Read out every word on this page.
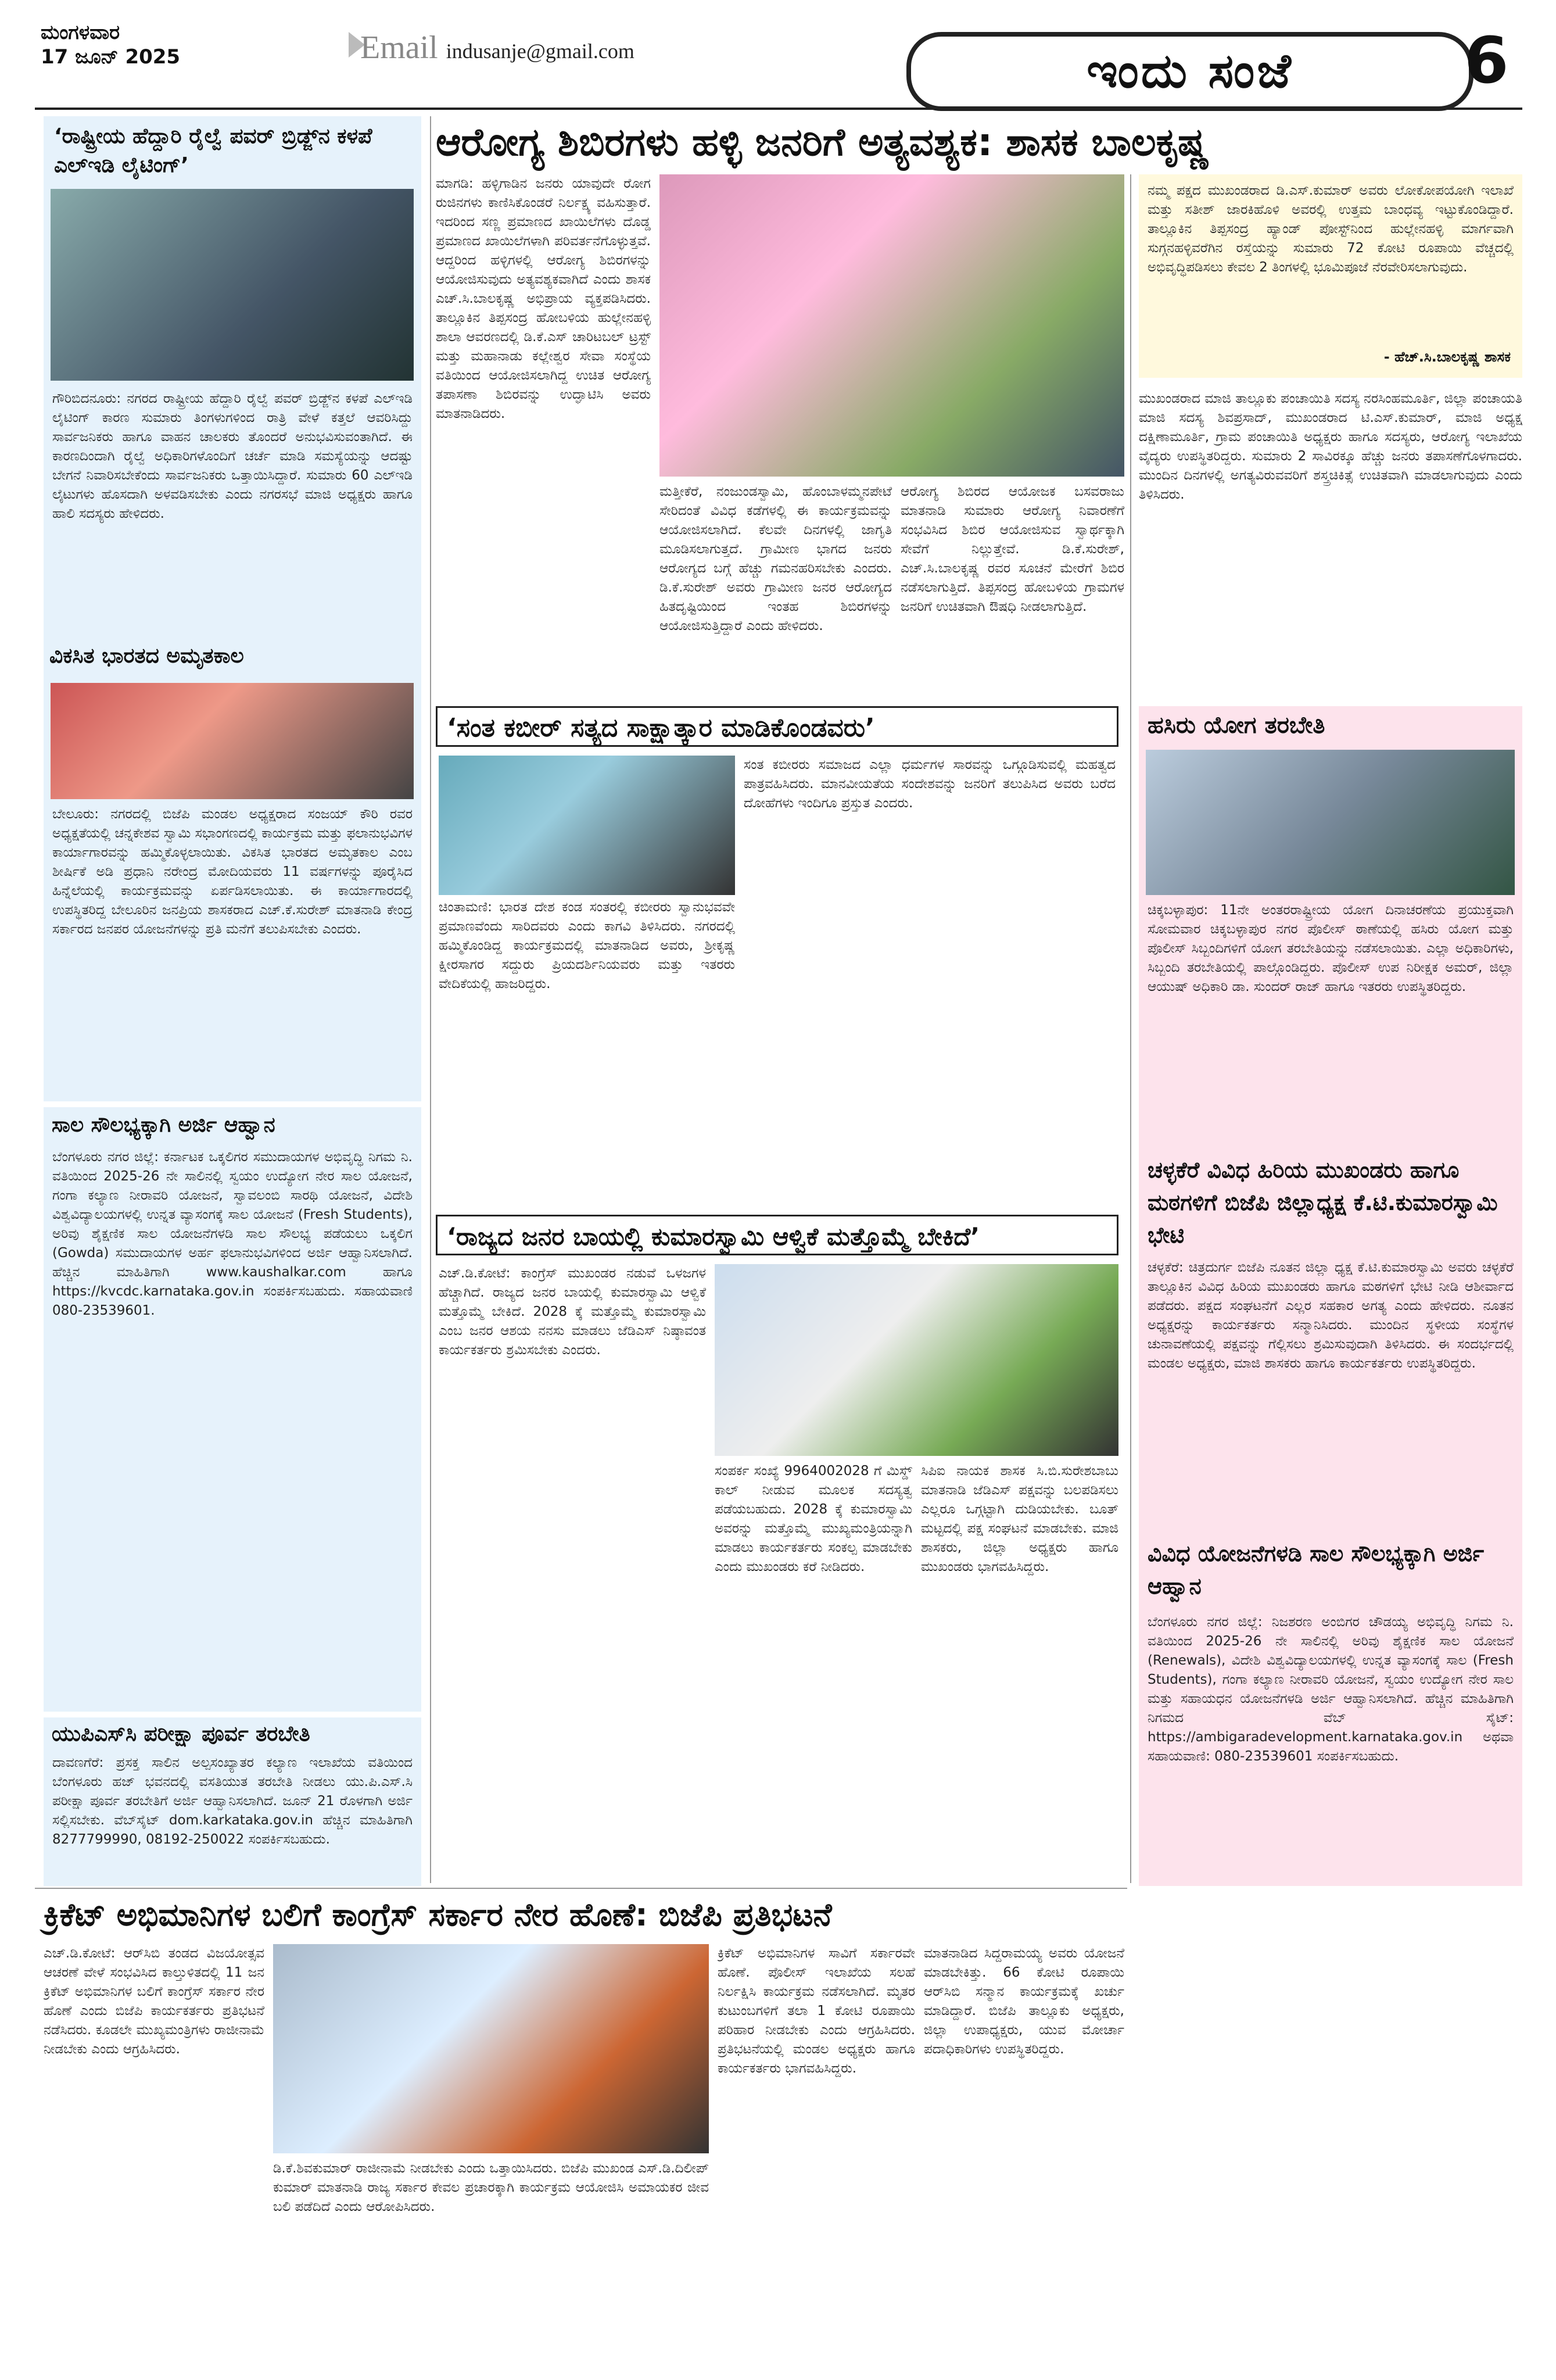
ಮಂಗಳವಾರ
17 ಜೂನ್ 2025	Email indusanje@gmail.com	ಇಂದು ಸಂಜೆ	6
‘ರಾಷ್ಟ್ರೀಯ ಹೆದ್ದಾರಿ ರೈಲ್ವೆ ಪವರ್ ಬ್ರಿಡ್ಜ್‌ನ ಕಳಪೆ ಎಲ್‌ಇಡಿ ಲೈಟಿಂಗ್’
ಗೌರಿಬಿದನೂರು: ನಗರದ ರಾಷ್ಟ್ರೀಯ ಹೆದ್ದಾರಿ ರೈಲ್ವೆ ಪವರ್ ಬ್ರಿಡ್ಜ್‌ನ ಕಳಪೆ ಎಲ್‌ಇಡಿ ಲೈಟಿಂಗ್ ಕಾರಣ ಸುಮಾರು ತಿಂಗಳುಗಳಿಂದ ರಾತ್ರಿ ವೇಳೆ ಕತ್ತಲೆ ಆವರಿಸಿದ್ದು ಸಾರ್ವಜನಿಕರು ಹಾಗೂ ವಾಹನ ಚಾಲಕರು ತೊಂದರೆ ಅನುಭವಿಸುವಂತಾಗಿದೆ. ಈ ಕಾರಣದಿಂದಾಗಿ ರೈಲ್ವೆ ಅಧಿಕಾರಿಗಳೊಂದಿಗೆ ಚರ್ಚೆ ಮಾಡಿ ಸಮಸ್ಯೆಯನ್ನು ಆದಷ್ಟು ಬೇಗನೆ ನಿವಾರಿಸಬೇಕೆಂದು ಸಾರ್ವಜನಿಕರು ಒತ್ತಾಯಿಸಿದ್ದಾರೆ. ಸುಮಾರು 60 ಎಲ್‌ಇಡಿ ಲೈಟುಗಳು ಹೊಸದಾಗಿ ಅಳವಡಿಸಬೇಕು ಎಂದು ನಗರಸಭೆ ಮಾಜಿ ಅಧ್ಯಕ್ಷರು ಹಾಗೂ ಹಾಲಿ ಸದಸ್ಯರು ಹೇಳಿದರು.
ವಿಕಸಿತ ಭಾರತದ ಅಮೃತಕಾಲ
ಬೇಲೂರು: ನಗರದಲ್ಲಿ ಬಿಜೆಪಿ ಮಂಡಲ ಅಧ್ಯಕ್ಷರಾದ ಸಂಜಯ್ ಕೌರಿ ರವರ ಅಧ್ಯಕ್ಷತೆಯಲ್ಲಿ ಚನ್ನಕೇಶವ ಸ್ವಾಮಿ ಸಭಾಂಗಣದಲ್ಲಿ ಕಾರ್ಯಕ್ರಮ ಮತ್ತು ಫಲಾನುಭವಿಗಳ ಕಾರ್ಯಾಗಾರವನ್ನು ಹಮ್ಮಿಕೊಳ್ಳಲಾಯಿತು. ವಿಕಸಿತ ಭಾರತದ ಅಮೃತಕಾಲ ಎಂಬ ಶೀರ್ಷಿಕೆ ಅಡಿ ಪ್ರಧಾನಿ ನರೇಂದ್ರ ಮೋದಿಯವರು 11 ವರ್ಷಗಳನ್ನು ಪೂರೈಸಿದ ಹಿನ್ನೆಲೆಯಲ್ಲಿ ಕಾರ್ಯಕ್ರಮವನ್ನು ಏರ್ಪಡಿಸಲಾಯಿತು. ಈ ಕಾರ್ಯಾಗಾರದಲ್ಲಿ ಉಪಸ್ಥಿತರಿದ್ದ ಬೇಲೂರಿನ ಜನಪ್ರಿಯ ಶಾಸಕರಾದ ಎಚ್.ಕೆ.ಸುರೇಶ್ ಮಾತನಾಡಿ ಕೇಂದ್ರ ಸರ್ಕಾರದ ಜನಪರ ಯೋಜನೆಗಳನ್ನು ಪ್ರತಿ ಮನೆಗೆ ತಲುಪಿಸಬೇಕು ಎಂದರು.
ಸಾಲ ಸೌಲಭ್ಯಕ್ಕಾಗಿ ಅರ್ಜಿ ಆಹ್ವಾನ
ಬೆಂಗಳೂರು ನಗರ ಜಿಲ್ಲೆ: ಕರ್ನಾಟಕ ಒಕ್ಕಲಿಗರ ಸಮುದಾಯಗಳ ಅಭಿವೃದ್ಧಿ ನಿಗಮ ನಿ. ವತಿಯಿಂದ 2025-26 ನೇ ಸಾಲಿನಲ್ಲಿ ಸ್ವಯಂ ಉದ್ಯೋಗ ನೇರ ಸಾಲ ಯೋಜನೆ, ಗಂಗಾ ಕಲ್ಯಾಣ ನೀರಾವರಿ ಯೋಜನೆ, ಸ್ವಾವಲಂಬಿ ಸಾರಥಿ ಯೋಜನೆ, ವಿದೇಶಿ ವಿಶ್ವವಿದ್ಯಾಲಯಗಳಲ್ಲಿ ಉನ್ನತ ವ್ಯಾಸಂಗಕ್ಕೆ ಸಾಲ ಯೋಜನೆ (Fresh Students), ಅರಿವು ಶೈಕ್ಷಣಿಕ ಸಾಲ ಯೋಜನೆಗಳಡಿ ಸಾಲ ಸೌಲಭ್ಯ ಪಡೆಯಲು ಒಕ್ಕಲಿಗ (Gowda) ಸಮುದಾಯಗಳ ಅರ್ಹ ಫಲಾನುಭವಿಗಳಿಂದ ಅರ್ಜಿ ಆಹ್ವಾನಿಸಲಾಗಿದೆ. ಹೆಚ್ಚಿನ ಮಾಹಿತಿಗಾಗಿ www.kaushalkar.com ಹಾಗೂ https://kvcdc.karnataka.gov.in ಸಂಪರ್ಕಿಸಬಹುದು. ಸಹಾಯವಾಣಿ 080-23539601.
ಯುಪಿಎಸ್‌ಸಿ ಪರೀಕ್ಷಾ ಪೂರ್ವ ತರಬೇತಿ
ದಾವಣಗೆರೆ: ಪ್ರಸಕ್ತ ಸಾಲಿನ ಅಲ್ಪಸಂಖ್ಯಾತರ ಕಲ್ಯಾಣ ಇಲಾಖೆಯ ವತಿಯಿಂದ ಬೆಂಗಳೂರು ಹಜ್ ಭವನದಲ್ಲಿ ವಸತಿಯುತ ತರಬೇತಿ ನೀಡಲು ಯು.ಪಿ.ಎಸ್.ಸಿ ಪರೀಕ್ಷಾ ಪೂರ್ವ ತರಬೇತಿಗೆ ಅರ್ಜಿ ಆಹ್ವಾನಿಸಲಾಗಿದೆ. ಜೂನ್ 21 ರೊಳಗಾಗಿ ಅರ್ಜಿ ಸಲ್ಲಿಸಬೇಕು. ವೆಬ್‌ಸೈಟ್ dom.karkataka.gov.in ಹೆಚ್ಚಿನ ಮಾಹಿತಿಗಾಗಿ 8277799990, 08192-250022 ಸಂಪರ್ಕಿಸಬಹುದು.
ಆರೋಗ್ಯ ಶಿಬಿರಗಳು ಹಳ್ಳಿ ಜನರಿಗೆ ಅತ್ಯವಶ್ಯಕ: ಶಾಸಕ ಬಾಲಕೃಷ್ಣ
ಮಾಗಡಿ: ಹಳ್ಳಿಗಾಡಿನ ಜನರು ಯಾವುದೇ ರೋಗ ರುಜಿನಗಳು ಕಾಣಿಸಿಕೊಂಡರೆ ನಿರ್ಲಕ್ಷ್ಯ ವಹಿಸುತ್ತಾರೆ. ಇದರಿಂದ ಸಣ್ಣ ಪ್ರಮಾಣದ ಖಾಯಿಲೆಗಳು ದೊಡ್ಡ ಪ್ರಮಾಣದ ಖಾಯಿಲೆಗಳಾಗಿ ಪರಿವರ್ತನೆಗೊಳ್ಳುತ್ತವೆ. ಆದ್ದರಿಂದ ಹಳ್ಳಿಗಳಲ್ಲಿ ಆರೋಗ್ಯ ಶಿಬಿರಗಳನ್ನು ಆಯೋಜಿಸುವುದು ಅತ್ಯವಶ್ಯಕವಾಗಿದೆ ಎಂದು ಶಾಸಕ ಎಚ್.ಸಿ.ಬಾಲಕೃಷ್ಣ ಅಭಿಪ್ರಾಯ ವ್ಯಕ್ತಪಡಿಸಿದರು. ತಾಲ್ಲೂಕಿನ ತಿಪ್ಪಸಂದ್ರ ಹೋಬಳಿಯ ಹುಲ್ಲೇನಹಳ್ಳಿ ಶಾಲಾ ಆವರಣದಲ್ಲಿ ಡಿ.ಕೆ.ಎಸ್ ಚಾರಿಟಬಲ್ ಟ್ರಸ್ಟ್ ಮತ್ತು ಮಹಾನಾಡು ಕಲ್ಲೇಶ್ವರ ಸೇವಾ ಸಂಸ್ಥೆಯ ವತಿಯಿಂದ ಆಯೋಜಿಸಲಾಗಿದ್ದ ಉಚಿತ ಆರೋಗ್ಯ ತಪಾಸಣಾ ಶಿಬಿರವನ್ನು ಉದ್ಘಾಟಿಸಿ ಅವರು ಮಾತನಾಡಿದರು.
ಮತ್ತೀಕೆರೆ, ನಂಜುಂಡಸ್ವಾಮಿ, ಹೊಂಬಾಳಮ್ಮನಪೇಟೆ ಸೇರಿದಂತೆ ವಿವಿಧ ಕಡೆಗಳಲ್ಲಿ ಈ ಕಾರ್ಯಕ್ರಮವನ್ನು ಆಯೋಜಿಸಲಾಗಿದೆ. ಕೆಲವೇ ದಿನಗಳಲ್ಲಿ ಜಾಗೃತಿ ಮೂಡಿಸಲಾಗುತ್ತದೆ. ಗ್ರಾಮೀಣ ಭಾಗದ ಜನರು ಆರೋಗ್ಯದ ಬಗ್ಗೆ ಹೆಚ್ಚು ಗಮನಹರಿಸಬೇಕು ಎಂದರು. ಡಿ.ಕೆ.ಸುರೇಶ್ ಅವರು ಗ್ರಾಮೀಣ ಜನರ ಆರೋಗ್ಯದ ಹಿತದೃಷ್ಟಿಯಿಂದ ಇಂತಹ ಶಿಬಿರಗಳನ್ನು ಆಯೋಜಿಸುತ್ತಿದ್ದಾರೆ ಎಂದು ಹೇಳಿದರು.
ಆರೋಗ್ಯ ಶಿಬಿರದ ಆಯೋಜಕ ಬಸವರಾಜು ಮಾತನಾಡಿ ಸುಮಾರು ಆರೋಗ್ಯ ನಿವಾರಣೆಗೆ ಸಂಭವಿಸಿದ ಶಿಬಿರ ಆಯೋಜಿಸುವ ಸ್ವಾರ್ಥಕ್ಕಾಗಿ ಸೇವೆಗೆ ನಿಲ್ಲುತ್ತೇವೆ. ಡಿ.ಕೆ.ಸುರೇಶ್, ಎಚ್.ಸಿ.ಬಾಲಕೃಷ್ಣ ರವರ ಸೂಚನೆ ಮೇರೆಗೆ ಶಿಬಿರ ನಡೆಸಲಾಗುತ್ತಿದೆ. ತಿಪ್ಪಸಂದ್ರ ಹೋಬಳಿಯ ಗ್ರಾಮಗಳ ಜನರಿಗೆ ಉಚಿತವಾಗಿ ಔಷಧಿ ನೀಡಲಾಗುತ್ತಿದೆ.
ನಮ್ಮ ಪಕ್ಷದ ಮುಖಂಡರಾದ ಡಿ.ಎಸ್.ಕುಮಾರ್ ಅವರು ಲೋಕೋಪಯೋಗಿ ಇಲಾಖೆ ಮತ್ತು ಸತೀಶ್ ಜಾರಕಿಹೊಳಿ ಅವರಲ್ಲಿ ಉತ್ತಮ ಬಾಂಧವ್ಯ ಇಟ್ಟುಕೊಂಡಿದ್ದಾರೆ. ತಾಲ್ಲೂಕಿನ ತಿಪ್ಪಸಂದ್ರ ಹ್ಯಾಂಡ್ ಪೋಸ್ಟ್‌ನಿಂದ ಹುಲ್ಲೇನಹಳ್ಳಿ ಮಾರ್ಗವಾಗಿ ಸುಗ್ಗನಹಳ್ಳಿವರೆಗಿನ ರಸ್ತೆಯನ್ನು ಸುಮಾರು 72 ಕೋಟಿ ರೂಪಾಯಿ ವೆಚ್ಚದಲ್ಲಿ ಅಭಿವೃದ್ಧಿಪಡಿಸಲು ಕೇವಲ 2 ತಿಂಗಳಲ್ಲಿ ಭೂಮಿಪೂಜೆ ನೆರವೇರಿಸಲಾಗುವುದು.
- ಹೆಚ್.ಸಿ.ಬಾಲಕೃಷ್ಣ ಶಾಸಕ
ಮುಖಂಡರಾದ ಮಾಜಿ ತಾಲ್ಲೂಕು ಪಂಚಾಯಿತಿ ಸದಸ್ಯ ನರಸಿಂಹಮೂರ್ತಿ, ಜಿಲ್ಲಾ ಪಂಚಾಯತಿ ಮಾಜಿ ಸದಸ್ಯ ಶಿವಪ್ರಸಾದ್, ಮುಖಂಡರಾದ ಟಿ.ಎಸ್.ಕುಮಾರ್, ಮಾಜಿ ಅಧ್ಯಕ್ಷ ದಕ್ಷಿಣಾಮೂರ್ತಿ, ಗ್ರಾಮ ಪಂಚಾಯಿತಿ ಅಧ್ಯಕ್ಷರು ಹಾಗೂ ಸದಸ್ಯರು, ಆರೋಗ್ಯ ಇಲಾಖೆಯ ವೈದ್ಯರು ಉಪಸ್ಥಿತರಿದ್ದರು. ಸುಮಾರು 2 ಸಾವಿರಕ್ಕೂ ಹೆಚ್ಚು ಜನರು ತಪಾಸಣೆಗೊಳಗಾದರು. ಮುಂದಿನ ದಿನಗಳಲ್ಲಿ ಅಗತ್ಯವಿರುವವರಿಗೆ ಶಸ್ತ್ರಚಿಕಿತ್ಸೆ ಉಚಿತವಾಗಿ ಮಾಡಲಾಗುವುದು ಎಂದು ತಿಳಿಸಿದರು.
‘ಸಂತ ಕಬೀರ್ ಸತ್ಯದ ಸಾಕ್ಷಾತ್ಕಾರ ಮಾಡಿಕೊಂಡವರು’
ಚಿಂತಾಮಣಿ: ಭಾರತ ದೇಶ ಕಂಡ ಸಂತರಲ್ಲಿ ಕಬೀರರು ಸ್ವಾನುಭವವೇ ಪ್ರಮಾಣವೆಂದು ಸಾರಿದವರು ಎಂದು ಕಾಗವಿ ತಿಳಿಸಿದರು. ನಗರದಲ್ಲಿ ಹಮ್ಮಿಕೊಂಡಿದ್ದ ಕಾರ್ಯಕ್ರಮದಲ್ಲಿ ಮಾತನಾಡಿದ ಅವರು, ಶ್ರೀಕೃಷ್ಣ ಕ್ಷೀರಸಾಗರ ಸದ್ದುರು ಪ್ರಿಯದರ್ಶಿನಿಯವರು ಮತ್ತು ಇತರರು ವೇದಿಕೆಯಲ್ಲಿ ಹಾಜರಿದ್ದರು.
ಸಂತ ಕಬೀರರು ಸಮಾಜದ ಎಲ್ಲಾ ಧರ್ಮಗಳ ಸಾರವನ್ನು ಒಗ್ಗೂಡಿಸುವಲ್ಲಿ ಮಹತ್ವದ ಪಾತ್ರವಹಿಸಿದರು. ಮಾನವೀಯತೆಯ ಸಂದೇಶವನ್ನು ಜನರಿಗೆ ತಲುಪಿಸಿದ ಅವರು ಬರೆದ ದೋಹೆಗಳು ಇಂದಿಗೂ ಪ್ರಸ್ತುತ ಎಂದರು.
‘ರಾಜ್ಯದ ಜನರ ಬಾಯಲ್ಲಿ ಕುಮಾರಸ್ವಾಮಿ ಆಳ್ವಿಕೆ ಮತ್ತೊಮ್ಮೆ ಬೇಕಿದೆ’
ಎಚ್.ಡಿ.ಕೋಟೆ: ಕಾಂಗ್ರೆಸ್ ಮುಖಂಡರ ನಡುವೆ ಒಳಜಗಳ ಹೆಚ್ಚಾಗಿದೆ. ರಾಜ್ಯದ ಜನರ ಬಾಯಲ್ಲಿ ಕುಮಾರಸ್ವಾಮಿ ಆಳ್ವಿಕೆ ಮತ್ತೊಮ್ಮೆ ಬೇಕಿದೆ. 2028 ಕ್ಕೆ ಮತ್ತೊಮ್ಮೆ ಕುಮಾರಸ್ವಾಮಿ ಎಂಬ ಜನರ ಆಶಯ ನನಸು ಮಾಡಲು ಜೆಡಿಎಸ್ ನಿಷ್ಠಾವಂತ ಕಾರ್ಯಕರ್ತರು ಶ್ರಮಿಸಬೇಕು ಎಂದರು.
ಸಂಪರ್ಕ ಸಂಖ್ಯೆ 9964002028 ಗೆ ಮಿಸ್ಡ್ ಕಾಲ್ ನೀಡುವ ಮೂಲಕ ಸದಸ್ಯತ್ವ ಪಡೆಯಬಹುದು. 2028 ಕ್ಕೆ ಕುಮಾರಸ್ವಾಮಿ ಅವರನ್ನು ಮತ್ತೊಮ್ಮೆ ಮುಖ್ಯಮಂತ್ರಿಯನ್ನಾಗಿ ಮಾಡಲು ಕಾರ್ಯಕರ್ತರು ಸಂಕಲ್ಪ ಮಾಡಬೇಕು ಎಂದು ಮುಖಂಡರು ಕರೆ ನೀಡಿದರು.
ಸಿಪಿಐ ನಾಯಕ ಶಾಸಕ ಸಿ.ಬಿ.ಸುರೇಶಬಾಬು ಮಾತನಾಡಿ ಜೆಡಿಎಸ್ ಪಕ್ಷವನ್ನು ಬಲಪಡಿಸಲು ಎಲ್ಲರೂ ಒಗ್ಗಟ್ಟಾಗಿ ದುಡಿಯಬೇಕು. ಬೂತ್ ಮಟ್ಟದಲ್ಲಿ ಪಕ್ಷ ಸಂಘಟನೆ ಮಾಡಬೇಕು. ಮಾಜಿ ಶಾಸಕರು, ಜಿಲ್ಲಾ ಅಧ್ಯಕ್ಷರು ಹಾಗೂ ಮುಖಂಡರು ಭಾಗವಹಿಸಿದ್ದರು.
ಹಸಿರು ಯೋಗ ತರಬೇತಿ
ಚಿಕ್ಕಬಳ್ಳಾಪುರ: 11ನೇ ಅಂತರರಾಷ್ಟ್ರೀಯ ಯೋಗ ದಿನಾಚರಣೆಯ ಪ್ರಯುಕ್ತವಾಗಿ ಸೋಮವಾರ ಚಿಕ್ಕಬಳ್ಳಾಪುರ ನಗರ ಪೊಲೀಸ್ ಠಾಣೆಯಲ್ಲಿ ಹಸಿರು ಯೋಗ ಮತ್ತು ಪೊಲೀಸ್ ಸಿಬ್ಬಂದಿಗಳಿಗೆ ಯೋಗ ತರಬೇತಿಯನ್ನು ನಡೆಸಲಾಯಿತು. ಎಲ್ಲಾ ಅಧಿಕಾರಿಗಳು, ಸಿಬ್ಬಂದಿ ತರಬೇತಿಯಲ್ಲಿ ಪಾಲ್ಗೊಂಡಿದ್ದರು. ಪೊಲೀಸ್ ಉಪ ನಿರೀಕ್ಷಕ ಅಮರ್, ಜಿಲ್ಲಾ ಆಯುಷ್ ಅಧಿಕಾರಿ ಡಾ. ಸುಂದರ್ ರಾಜ್ ಹಾಗೂ ಇತರರು ಉಪಸ್ಥಿತರಿದ್ದರು.
ಚಳ್ಳಕೆರೆ ವಿವಿಧ ಹಿರಿಯ ಮುಖಂಡರು ಹಾಗೂ ಮಠಗಳಿಗೆ ಬಿಜೆಪಿ ಜಿಲ್ಲಾಧ್ಯಕ್ಷ ಕೆ.ಟಿ.ಕುಮಾರಸ್ವಾಮಿ ಭೇಟಿ
ಚಳ್ಳಕೆರೆ: ಚಿತ್ರದುರ್ಗ ಬಿಜೆಪಿ ನೂತನ ಜಿಲ್ಲಾ ಧ್ಯಕ್ಷ ಕೆ.ಟಿ.ಕುಮಾರಸ್ವಾಮಿ ಅವರು ಚಳ್ಳಕೆರೆ ತಾಲ್ಲೂಕಿನ ವಿವಿಧ ಹಿರಿಯ ಮುಖಂಡರು ಹಾಗೂ ಮಠಗಳಿಗೆ ಭೇಟಿ ನೀಡಿ ಆಶೀರ್ವಾದ ಪಡೆದರು. ಪಕ್ಷದ ಸಂಘಟನೆಗೆ ಎಲ್ಲರ ಸಹಕಾರ ಅಗತ್ಯ ಎಂದು ಹೇಳಿದರು. ನೂತನ ಅಧ್ಯಕ್ಷರನ್ನು ಕಾರ್ಯಕರ್ತರು ಸನ್ಮಾನಿಸಿದರು. ಮುಂದಿನ ಸ್ಥಳೀಯ ಸಂಸ್ಥೆಗಳ ಚುನಾವಣೆಯಲ್ಲಿ ಪಕ್ಷವನ್ನು ಗೆಲ್ಲಿಸಲು ಶ್ರಮಿಸುವುದಾಗಿ ತಿಳಿಸಿದರು. ಈ ಸಂದರ್ಭದಲ್ಲಿ ಮಂಡಲ ಅಧ್ಯಕ್ಷರು, ಮಾಜಿ ಶಾಸಕರು ಹಾಗೂ ಕಾರ್ಯಕರ್ತರು ಉಪಸ್ಥಿತರಿದ್ದರು.
ವಿವಿಧ ಯೋಜನೆಗಳಡಿ ಸಾಲ ಸೌಲಭ್ಯಕ್ಕಾಗಿ ಅರ್ಜಿ ಆಹ್ವಾನ
ಬೆಂಗಳೂರು ನಗರ ಜಿಲ್ಲೆ: ನಿಜಶರಣ ಅಂಬಿಗರ ಚೌಡಯ್ಯ ಅಭಿವೃದ್ಧಿ ನಿಗಮ ನಿ. ವತಿಯಿಂದ 2025-26 ನೇ ಸಾಲಿನಲ್ಲಿ ಅರಿವು ಶೈಕ್ಷಣಿಕ ಸಾಲ ಯೋಜನೆ (Renewals), ವಿದೇಶಿ ವಿಶ್ವವಿದ್ಯಾಲಯಗಳಲ್ಲಿ ಉನ್ನತ ವ್ಯಾಸಂಗಕ್ಕೆ ಸಾಲ (Fresh Students), ಗಂಗಾ ಕಲ್ಯಾಣ ನೀರಾವರಿ ಯೋಜನೆ, ಸ್ವಯಂ ಉದ್ಯೋಗ ನೇರ ಸಾಲ ಮತ್ತು ಸಹಾಯಧನ ಯೋಜನೆಗಳಡಿ ಅರ್ಜಿ ಆಹ್ವಾನಿಸಲಾಗಿದೆ. ಹೆಚ್ಚಿನ ಮಾಹಿತಿಗಾಗಿ ನಿಗಮದ ವೆಬ್ ಸೈಟ್: https://ambigaradevelopment.karnataka.gov.in ಅಥವಾ ಸಹಾಯವಾಣಿ: 080-23539601 ಸಂಪರ್ಕಿಸಬಹುದು.
ಕ್ರಿಕೆಟ್ ಅಭಿಮಾನಿಗಳ ಬಲಿಗೆ ಕಾಂಗ್ರೆಸ್ ಸರ್ಕಾರ ನೇರ ಹೊಣೆ: ಬಿಜೆಪಿ ಪ್ರತಿಭಟನೆ
ಎಚ್.ಡಿ.ಕೋಟೆ: ಆರ್‌ಸಿಬಿ ತಂಡದ ವಿಜಯೋತ್ಸವ ಆಚರಣೆ ವೇಳೆ ಸಂಭವಿಸಿದ ಕಾಲ್ತುಳಿತದಲ್ಲಿ 11 ಜನ ಕ್ರಿಕೆಟ್ ಅಭಿಮಾನಿಗಳ ಬಲಿಗೆ ಕಾಂಗ್ರೆಸ್ ಸರ್ಕಾರ ನೇರ ಹೊಣೆ ಎಂದು ಬಿಜೆಪಿ ಕಾರ್ಯಕರ್ತರು ಪ್ರತಿಭಟನೆ ನಡೆಸಿದರು. ಕೂಡಲೇ ಮುಖ್ಯಮಂತ್ರಿಗಳು ರಾಜೀನಾಮೆ ನೀಡಬೇಕು ಎಂದು ಆಗ್ರಹಿಸಿದರು.
ಡಿ.ಕೆ.ಶಿವಕುಮಾರ್ ರಾಜೀನಾಮೆ ನೀಡಬೇಕು ಎಂದು ಒತ್ತಾಯಿಸಿದರು. ಬಿಜೆಪಿ ಮುಖಂಡ ಎಸ್.ಡಿ.ದಿಲೀಪ್ ಕುಮಾರ್ ಮಾತನಾಡಿ ರಾಜ್ಯ ಸರ್ಕಾರ ಕೇವಲ ಪ್ರಚಾರಕ್ಕಾಗಿ ಕಾರ್ಯಕ್ರಮ ಆಯೋಜಿಸಿ ಅಮಾಯಕರ ಜೀವ ಬಲಿ ಪಡೆದಿದೆ ಎಂದು ಆರೋಪಿಸಿದರು.
ಕ್ರಿಕೆಟ್ ಅಭಿಮಾನಿಗಳ ಸಾವಿಗೆ ಸರ್ಕಾರವೇ ಹೊಣೆ. ಪೊಲೀಸ್ ಇಲಾಖೆಯ ಸಲಹೆ ನಿರ್ಲಕ್ಷಿಸಿ ಕಾರ್ಯಕ್ರಮ ನಡೆಸಲಾಗಿದೆ. ಮೃತರ ಕುಟುಂಬಗಳಿಗೆ ತಲಾ 1 ಕೋಟಿ ರೂಪಾಯಿ ಪರಿಹಾರ ನೀಡಬೇಕು ಎಂದು ಆಗ್ರಹಿಸಿದರು. ಪ್ರತಿಭಟನೆಯಲ್ಲಿ ಮಂಡಲ ಅಧ್ಯಕ್ಷರು ಹಾಗೂ ಕಾರ್ಯಕರ್ತರು ಭಾಗವಹಿಸಿದ್ದರು.
ಮಾತನಾಡಿದ ಸಿದ್ದರಾಮಯ್ಯ ಅವರು ಯೋಜನೆ ಮಾಡಬೇಕಿತ್ತು. 66 ಕೋಟಿ ರೂಪಾಯಿ ಆರ್‌ಸಿಬಿ ಸನ್ಮಾನ ಕಾರ್ಯಕ್ರಮಕ್ಕೆ ಖರ್ಚು ಮಾಡಿದ್ದಾರೆ. ಬಿಜೆಪಿ ತಾಲ್ಲೂಕು ಅಧ್ಯಕ್ಷರು, ಜಿಲ್ಲಾ ಉಪಾಧ್ಯಕ್ಷರು, ಯುವ ಮೋರ್ಚಾ ಪದಾಧಿಕಾರಿಗಳು ಉಪಸ್ಥಿತರಿದ್ದರು.
